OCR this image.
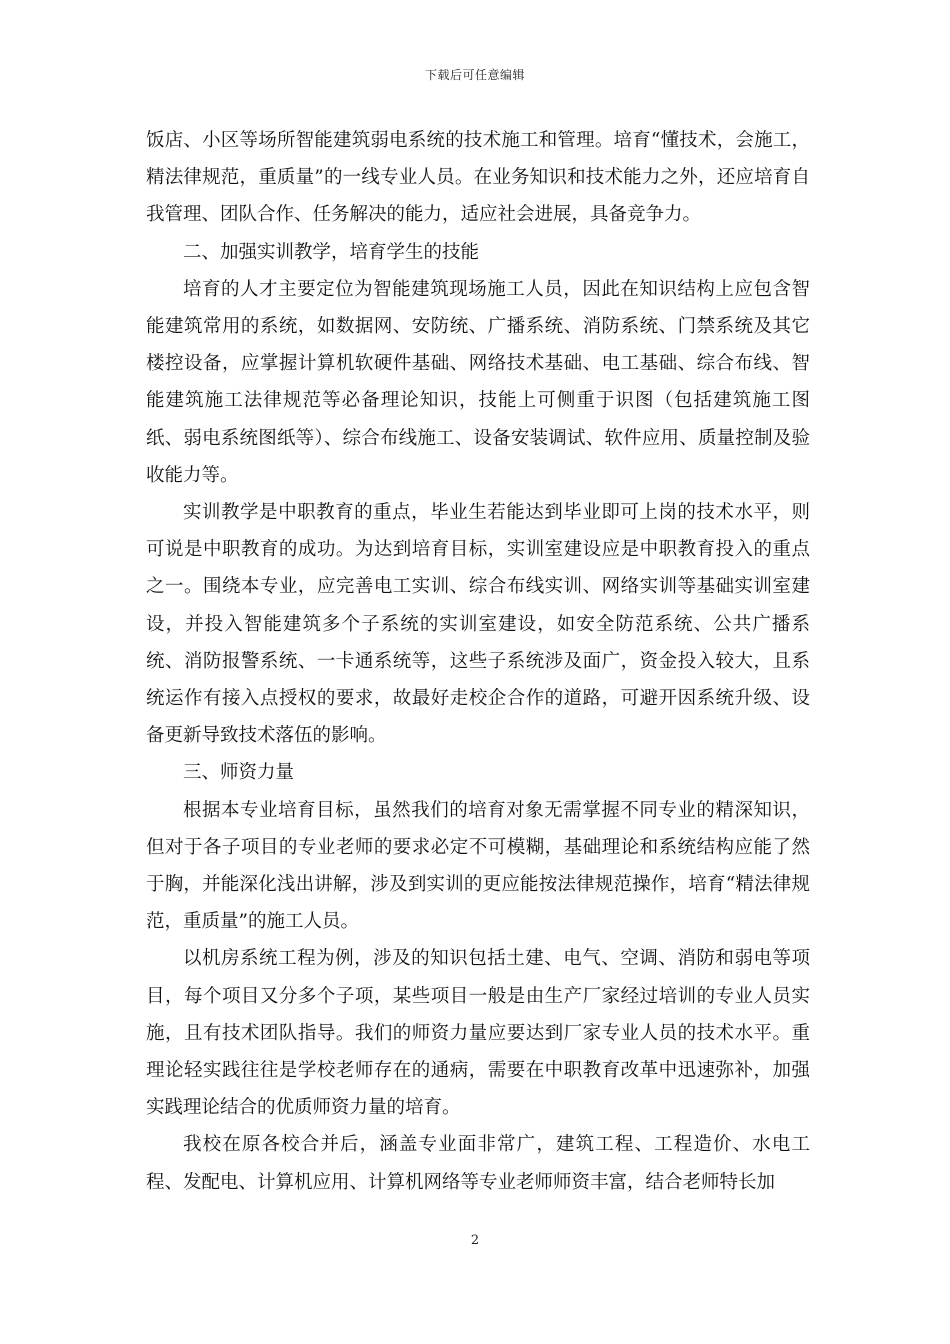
下载后可任意编辑

饭店、小区等场所智能建筑弱电系统的技术施工和管理。培育“懂技术，会施工，精法律规范，重质量”的一线专业人员。在业务知识和技术能力之外，还应培育自我管理、团队合作、任务解决的能力，适应社会进展，具备竞争力。

二、加强实训教学，培育学生的技能

培育的人才主要定位为智能建筑现场施工人员，因此在知识结构上应包含智能建筑常用的系统，如数据网、安防统、广播系统、消防系统、门禁系统及其它楼控设备，应掌握计算机软硬件基础、网络技术基础、电工基础、综合布线、智能建筑施工法律规范等必备理论知识，技能上可侧重于识图（包括建筑施工图纸、弱电系统图纸等）、综合布线施工、设备安装调试、软件应用、质量控制及验收能力等。

实训教学是中职教育的重点，毕业生若能达到毕业即可上岗的技术水平，则可说是中职教育的成功。为达到培育目标，实训室建设应是中职教育投入的重点之一。围绕本专业，应完善电工实训、综合布线实训、网络实训等基础实训室建设，并投入智能建筑多个子系统的实训室建设，如安全防范系统、公共广播系统、消防报警系统、一卡通系统等，这些子系统涉及面广，资金投入较大，且系统运作有接入点授权的要求，故最好走校企合作的道路，可避开因系统升级、设备更新导致技术落伍的影响。

三、师资力量

根据本专业培育目标，虽然我们的培育对象无需掌握不同专业的精深知识，但对于各子项目的专业老师的要求必定不可模糊，基础理论和系统结构应能了然于胸，并能深化浅出讲解，涉及到实训的更应能按法律规范操作，培育“精法律规范，重质量”的施工人员。

以机房系统工程为例，涉及的知识包括土建、电气、空调、消防和弱电等项目，每个项目又分多个子项，某些项目一般是由生产厂家经过培训的专业人员实施，且有技术团队指导。我们的师资力量应要达到厂家专业人员的技术水平。重理论轻实践往往是学校老师存在的通病，需要在中职教育改革中迅速弥补，加强实践理论结合的优质师资力量的培育。

我校在原各校合并后，涵盖专业面非常广，建筑工程、工程造价、水电工程、发配电、计算机应用、计算机网络等专业老师师资丰富，结合老师特长加

2
